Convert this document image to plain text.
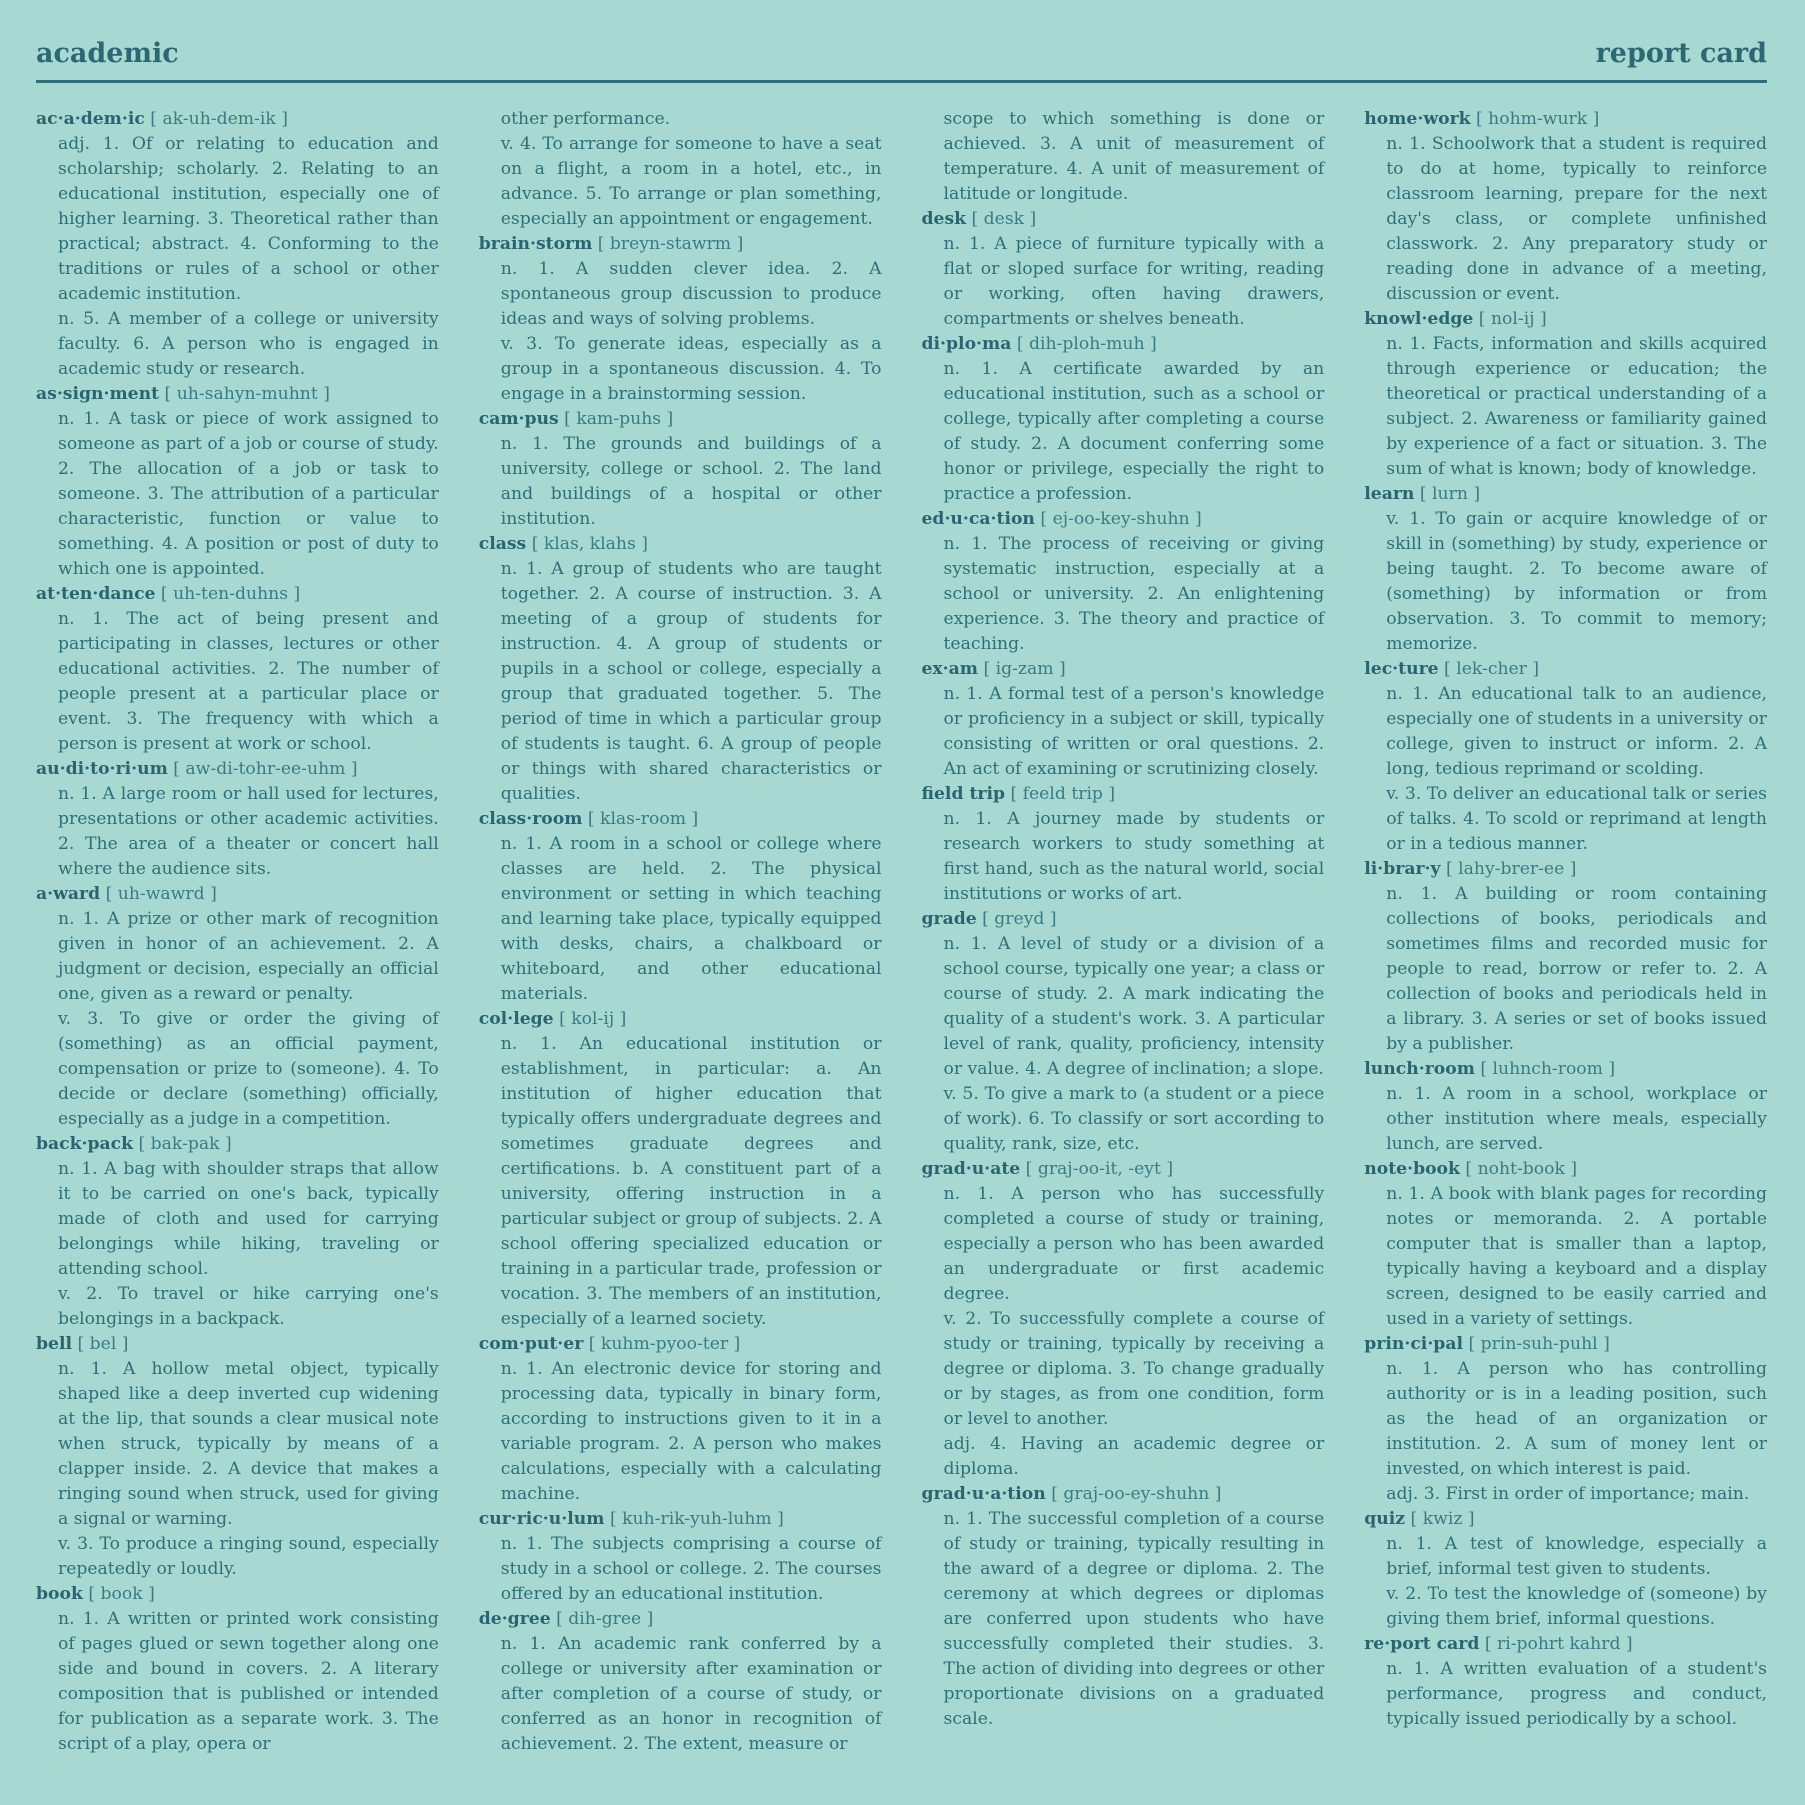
academic	report card
ac·a·dem·ic [ ak-uh-dem-ik ]
adj. 1. Of or relating to education and scholarship; scholarly. 2. Relating to an educational institution, especially one of higher learning. 3. Theoretical rather than practical; abstract. 4. Conforming to the traditions or rules of a school or other academic institution.
n. 5. A member of a college or university faculty. 6. A person who is engaged in academic study or research.
as·sign·ment [ uh-sahyn-muhnt ]
n. 1. A task or piece of work assigned to someone as part of a job or course of study. 2. The allocation of a job or task to someone. 3. The attribution of a particular characteristic, function or value to something. 4. A position or post of duty to which one is appointed.
at·ten·dance [ uh-ten-duhns ]
n. 1. The act of being present and participating in classes, lectures or other educational activities. 2. The number of people present at a particular place or event. 3. The frequency with which a person is present at work or school.
au·di·to·ri·um [ aw-di-tohr-ee-uhm ]
n. 1. A large room or hall used for lectures, presentations or other academic activities. 2. The area of a theater or concert hall where the audience sits.
a·ward [ uh-wawrd ]
n. 1. A prize or other mark of recognition given in honor of an achievement. 2. A judgment or decision, especially an official one, given as a reward or penalty.
v. 3. To give or order the giving of (something) as an official payment, compensation or prize to (someone). 4. To decide or declare (something) officially, especially as a judge in a competition.
back·pack [ bak-pak ]
n. 1. A bag with shoulder straps that allow it to be carried on one's back, typically made of cloth and used for carrying belongings while hiking, traveling or attending school.
v. 2. To travel or hike carrying one's belongings in a backpack.
bell [ bel ]
n. 1. A hollow metal object, typically shaped like a deep inverted cup widening at the lip, that sounds a clear musical note when struck, typically by means of a clapper inside. 2. A device that makes a ringing sound when struck, used for giving a signal or warning.
v. 3. To produce a ringing sound, especially repeatedly or loudly.
book [ book ]
n. 1. A written or printed work consisting of pages glued or sewn together along one side and bound in covers. 2. A literary composition that is published or intended for publication as a separate work. 3. The script of a play, opera or
other performance.
v. 4. To arrange for someone to have a seat on a flight, a room in a hotel, etc., in advance. 5. To arrange or plan something, especially an appointment or engagement.
brain·storm [ breyn-stawrm ]
n. 1. A sudden clever idea. 2. A spontaneous group discussion to produce ideas and ways of solving problems.
v. 3. To generate ideas, especially as a group in a spontaneous discussion. 4. To engage in a brainstorming session.
cam·pus [ kam-puhs ]
n. 1. The grounds and buildings of a university, college or school. 2. The land and buildings of a hospital or other institution.
class [ klas, klahs ]
n. 1. A group of students who are taught together. 2. A course of instruction. 3. A meeting of a group of students for instruction. 4. A group of students or pupils in a school or college, especially a group that graduated together. 5. The period of time in which a particular group of students is taught. 6. A group of people or things with shared characteristics or qualities.
class·room [ klas-room ]
n. 1. A room in a school or college where classes are held. 2. The physical environment or setting in which teaching and learning take place, typically equipped with desks, chairs, a chalkboard or whiteboard, and other educational materials.
col·lege [ kol-ij ]
n. 1. An educational institution or establishment, in particular: a. An institution of higher education that typically offers undergraduate degrees and sometimes graduate degrees and certifications. b. A constituent part of a university, offering instruction in a particular subject or group of subjects. 2. A school offering specialized education or training in a particular trade, profession or vocation. 3. The members of an institution, especially of a learned society.
com·put·er [ kuhm-pyoo-ter ]
n. 1. An electronic device for storing and processing data, typically in binary form, according to instructions given to it in a variable program. 2. A person who makes calculations, especially with a calculating machine.
cur·ric·u·lum [ kuh-rik-yuh-luhm ]
n. 1. The subjects comprising a course of study in a school or college. 2. The courses offered by an educational institution.
de·gree [ dih-gree ]
n. 1. An academic rank conferred by a college or university after examination or after completion of a course of study, or conferred as an honor in recognition of achievement. 2. The extent, measure or
scope to which something is done or achieved. 3. A unit of measurement of temperature. 4. A unit of measurement of latitude or longitude.
desk [ desk ]
n. 1. A piece of furniture typically with a flat or sloped surface for writing, reading or working, often having drawers, compartments or shelves beneath.
di·plo·ma [ dih-ploh-muh ]
n. 1. A certificate awarded by an educational institution, such as a school or college, typically after completing a course of study. 2. A document conferring some honor or privilege, especially the right to practice a profession.
ed·u·ca·tion [ ej-oo-key-shuhn ]
n. 1. The process of receiving or giving systematic instruction, especially at a school or university. 2. An enlightening experience. 3. The theory and practice of teaching.
ex·am [ ig-zam ]
n. 1. A formal test of a person's knowledge or proficiency in a subject or skill, typically consisting of written or oral questions. 2. An act of examining or scrutinizing closely.
field trip [ feeld trip ]
n. 1. A journey made by students or research workers to study something at first hand, such as the natural world, social institutions or works of art.
grade [ greyd ]
n. 1. A level of study or a division of a school course, typically one year; a class or course of study. 2. A mark indicating the quality of a student's work. 3. A particular level of rank, quality, proficiency, intensity or value. 4. A degree of inclination; a slope.
v. 5. To give a mark to (a student or a piece of work). 6. To classify or sort according to quality, rank, size, etc.
grad·u·ate [ graj-oo-it, -eyt ]
n. 1. A person who has successfully completed a course of study or training, especially a person who has been awarded an undergraduate or first academic degree.
v. 2. To successfully complete a course of study or training, typically by receiving a degree or diploma. 3. To change gradually or by stages, as from one condition, form or level to another.
adj. 4. Having an academic degree or diploma.
grad·u·a·tion [ graj-oo-ey-shuhn ]
n. 1. The successful completion of a course of study or training, typically resulting in the award of a degree or diploma. 2. The ceremony at which degrees or diplomas are conferred upon students who have successfully completed their studies. 3. The action of dividing into degrees or other proportionate divisions on a graduated scale.
home·work [ hohm-wurk ]
n. 1. Schoolwork that a student is required to do at home, typically to reinforce classroom learning, prepare for the next day's class, or complete unfinished classwork. 2. Any preparatory study or reading done in advance of a meeting, discussion or event.
knowl·edge [ nol-ij ]
n. 1. Facts, information and skills acquired through experience or education; the theoretical or practical understanding of a subject. 2. Awareness or familiarity gained by experience of a fact or situation. 3. The sum of what is known; body of knowledge.
learn [ lurn ]
v. 1. To gain or acquire knowledge of or skill in (something) by study, experience or being taught. 2. To become aware of (something) by information or from observation. 3. To commit to memory; memorize.
lec·ture [ lek-cher ]
n. 1. An educational talk to an audience, especially one of students in a university or college, given to instruct or inform. 2. A long, tedious reprimand or scolding.
v. 3. To deliver an educational talk or series of talks. 4. To scold or reprimand at length or in a tedious manner.
li·brar·y [ lahy-brer-ee ]
n. 1. A building or room containing collections of books, periodicals and sometimes films and recorded music for people to read, borrow or refer to. 2. A collection of books and periodicals held in a library. 3. A series or set of books issued by a publisher.
lunch·room [ luhnch-room ]
n. 1. A room in a school, workplace or other institution where meals, especially lunch, are served.
note·book [ noht-book ]
n. 1. A book with blank pages for recording notes or memoranda. 2. A portable computer that is smaller than a laptop, typically having a keyboard and a display screen, designed to be easily carried and used in a variety of settings.
prin·ci·pal [ prin-suh-puhl ]
n. 1. A person who has controlling authority or is in a leading position, such as the head of an organization or institution. 2. A sum of money lent or invested, on which interest is paid.
adj. 3. First in order of importance; main.
quiz [ kwiz ]
n. 1. A test of knowledge, especially a brief, informal test given to students.
v. 2. To test the knowledge of (someone) by giving them brief, informal questions.
re·port card [ ri-pohrt kahrd ]
n. 1. A written evaluation of a student's performance, progress and conduct, typically issued periodically by a school.
